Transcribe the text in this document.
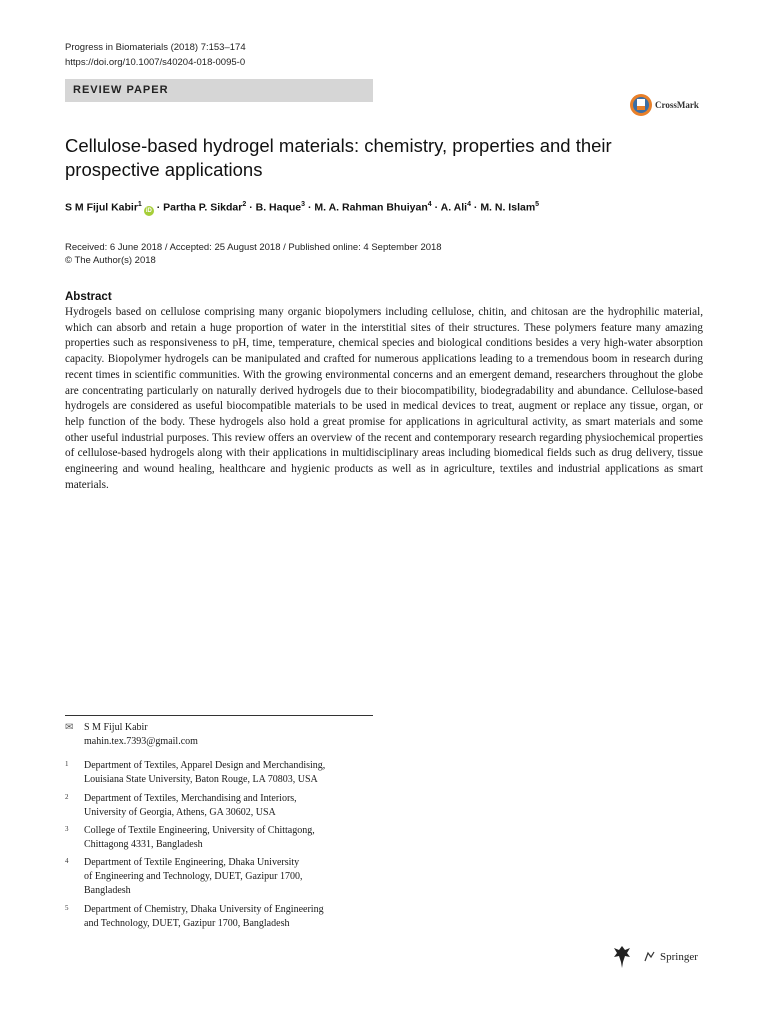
Progress in Biomaterials (2018) 7:153–174
https://doi.org/10.1007/s40204-018-0095-0
REVIEW PAPER
CrossMark
Cellulose-based hydrogel materials: chemistry, properties and their prospective applications
S M Fijul Kabir$^1$iD · Partha P. Sikdar$^2$ · B. Haque$^3$ · M. A. Rahman Bhuiyan$^4$ · A. Ali$^4$ · M. N. Islam$^5$
Received: 6 June 2018 / Accepted: 25 August 2018 / Published online: 4 September 2018
© The Author(s) 2018
Abstract
Hydrogels based on cellulose comprising many organic biopolymers including cellulose, chitin, and chitosan are the hydrophilic material, which can absorb and retain a huge proportion of water in the interstitial sites of their structures. These polymers feature many amazing properties such as responsiveness to pH, time, temperature, chemical species and biological conditions besides a very high-water absorption capacity. Biopolymer hydrogels can be manipulated and crafted for numerous applications leading to a tremendous boom in research during recent times in scientific communities. With the growing environmental concerns and an emergent demand, researchers throughout the globe are concentrating particularly on naturally derived hydrogels due to their biocompatibility, biodegradability and abundance. Cellulose-based hydrogels are considered as useful biocompatible materials to be used in medical devices to treat, augment or replace any tissue, organ, or help function of the body. These hydrogels also hold a great promise for applications in agricultural activity, as smart materials and some other useful industrial purposes. This review offers an overview of the recent and contemporary research regarding physiochemical properties of cellulose-based hydrogels along with their applications in multidisciplinary areas including biomedical fields such as drug delivery, tissue engineering and wound healing, healthcare and hygienic products as well as in agriculture, textiles and industrial applications as smart materials.
✉	S M Fijul Kabir
mahin.tex.7393@gmail.com
1	Department of Textiles, Apparel Design and Merchandising,
Louisiana State University, Baton Rouge, LA 70803, USA
2	Department of Textiles, Merchandising and Interiors,
University of Georgia, Athens, GA 30602, USA
3	College of Textile Engineering, University of Chittagong,
Chittagong 4331, Bangladesh
4	Department of Textile Engineering, Dhaka University
of Engineering and Technology, DUET, Gazipur 1700,
Bangladesh
5	Department of Chemistry, Dhaka University of Engineering
and Technology, DUET, Gazipur 1700, Bangladesh
Springer
